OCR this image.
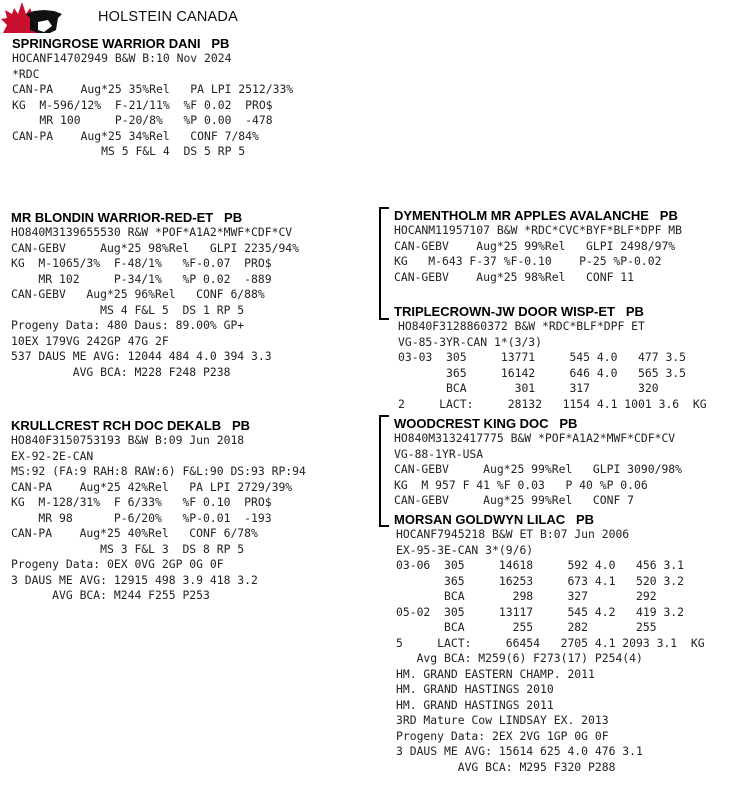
HOLSTEIN CANADA
SPRINGROSE WARRIOR DANI   PB
HOCANF14702949 B&W B:10 Nov 2024
*RDC
CAN-PA    Aug*25 35%Rel   PA LPI 2512/33%
KG  M-596/12%  F-21/11%  %F 0.02  PRO$
MR 100     P-20/8%   %P 0.00  -478
CAN-PA    Aug*25 34%Rel   CONF 7/84%
MS 5 F&L 4  DS 5 RP 5
MR BLONDIN WARRIOR-RED-ET   PB
HO840M3139655530 R&W *POF*A1A2*MWF*CDF*CV
CAN-GEBV     Aug*25 98%Rel   GLPI 2235/94%
KG  M-1065/3%  F-48/1%   %F-0.07  PRO$
MR 102     P-34/1%   %P 0.02  -889
CAN-GEBV   Aug*25 96%Rel   CONF 6/88%
MS 4 F&L 5  DS 1 RP 5
Progeny Data: 480 Daus: 89.00% GP+
10EX 179VG 242GP 47G 2F
537 DAUS ME AVG: 12044 484 4.0 394 3.3
AVG BCA: M228 F248 P238
DYMENTHOLM MR APPLES AVALANCHE   PB
HOCANM11957107 B&W *RDC*CVC*BYF*BLF*DPF MB
CAN-GEBV    Aug*25 99%Rel   GLPI 2498/97%
KG   M-643 F-37 %F-0.10    P-25 %P-0.02
CAN-GEBV    Aug*25 98%Rel   CONF 11
TRIPLECROWN-JW DOOR WISP-ET   PB
HO840F3128860372 B&W *RDC*BLF*DPF ET
VG-85-3YR-CAN 1*(3/3)
03-03  305     13771     545 4.0   477 3.5
365     16142     646 4.0   565 3.5
BCA       301     317       320
2     LACT:     28132   1154 4.1 1001 3.6  KG
KRULLCREST RCH DOC DEKALB   PB
HO840F3150753193 B&W B:09 Jun 2018
EX-92-2E-CAN
MS:92 (FA:9 RAH:8 RAW:6) F&L:90 DS:93 RP:94
CAN-PA    Aug*25 42%Rel   PA LPI 2729/39%
KG  M-128/31%  F 6/33%   %F 0.10  PRO$
MR 98      P-6/20%   %P-0.01  -193
CAN-PA    Aug*25 40%Rel   CONF 6/78%
MS 3 F&L 3  DS 8 RP 5
Progeny Data: 0EX 0VG 2GP 0G 0F
3 DAUS ME AVG: 12915 498 3.9 418 3.2
AVG BCA: M244 F255 P253
WOODCREST KING DOC   PB
HO840M3132417775 B&W *POF*A1A2*MWF*CDF*CV
VG-88-1YR-USA
CAN-GEBV     Aug*25 99%Rel   GLPI 3090/98%
KG  M 957 F 41 %F 0.03   P 40 %P 0.06
CAN-GEBV     Aug*25 99%Rel   CONF 7
MORSAN GOLDWYN LILAC   PB
HOCANF7945218 B&W ET B:07 Jun 2006
EX-95-3E-CAN 3*(9/6)
03-06  305     14618     592 4.0   456 3.1
365     16253     673 4.1   520 3.2
BCA       298     327       292
05-02  305     13117     545 4.2   419 3.2
BCA       255     282       255
5     LACT:     66454   2705 4.1 2093 3.1  KG
Avg BCA: M259(6) F273(17) P254(4)
HM. GRAND EASTERN CHAMP. 2011
HM. GRAND HASTINGS 2010
HM. GRAND HASTINGS 2011
3RD Mature Cow LINDSAY EX. 2013
Progeny Data: 2EX 2VG 1GP 0G 0F
3 DAUS ME AVG: 15614 625 4.0 476 3.1
AVG BCA: M295 F320 P288
